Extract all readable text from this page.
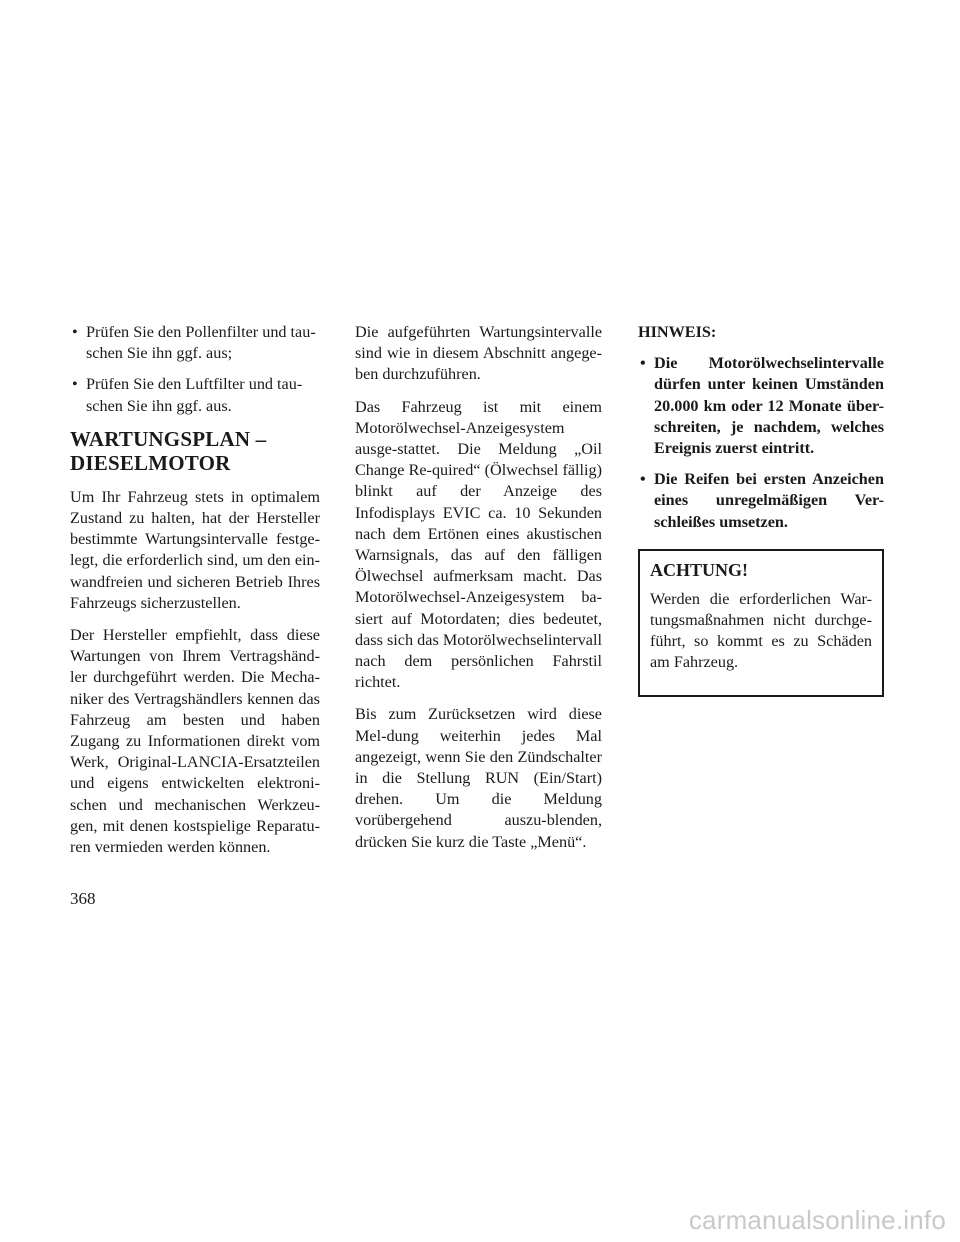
• Prüfen Sie den Pollenfilter und tau-schen Sie ihn ggf. aus;
• Prüfen Sie den Luftfilter und tau-schen Sie ihn ggf. aus.
WARTUNGSPLAN – DIESELMOTOR

Um Ihr Fahrzeug stets in optimalem Zustand zu halten, hat der Hersteller bestimmte Wartungsintervalle festge-legt, die erforderlich sind, um den ein-wandfreien und sicheren Betrieb Ihres Fahrzeugs sicherzustellen.

Der Hersteller empfiehlt, dass diese Wartungen von Ihrem Vertragshänd-ler durchgeführt werden. Die Mecha-niker des Vertragshändlers kennen das Fahrzeug am besten und haben Zugang zu Informationen direkt vom Werk, Original-LANCIA-Ersatzteilen und eigens entwickelten elektroni-schen und mechanischen Werkzeu-gen, mit denen kostspielige Reparatu-ren vermieden werden können.

Die aufgeführten Wartungsintervalle sind wie in diesem Abschnitt angege-ben durchzuführen.

Das Fahrzeug ist mit einem Motorölwechsel-Anzeigesystem ausge-stattet. Die Meldung „Oil Change Re-quired“ (Ölwechsel fällig) blinkt auf der Anzeige des Infodisplays EVIC ca. 10 Sekunden nach dem Ertönen eines akustischen Warnsignals, das auf den fälligen Ölwechsel aufmerksam macht. Das Motorölwechsel-Anzeigesystem ba-siert auf Motordaten; dies bedeutet, dass sich das Motorölwechselintervall nach dem persönlichen Fahrstil richtet.

Bis zum Zurücksetzen wird diese Mel-dung weiterhin jedes Mal angezeigt, wenn Sie den Zündschalter in die Stellung RUN (Ein/Start) drehen. Um die Meldung vorübergehend auszu-blenden, drücken Sie kurz die Taste „Menü“.

HINWEIS:
• Die Motorölwechselintervalle dürfen unter keinen Umständen 20.000 km oder 12 Monate über-schreiten, je nachdem, welches Ereignis zuerst eintritt.
• Die Reifen bei ersten Anzeichen eines unregelmäßigen Ver-schleißes umsetzen.
ACHTUNG!

Werden die erforderlichen War-tungsmaßnahmen nicht durchge-führt, so kommt es zu Schäden am Fahrzeug.

368
carmanualsonline.info
